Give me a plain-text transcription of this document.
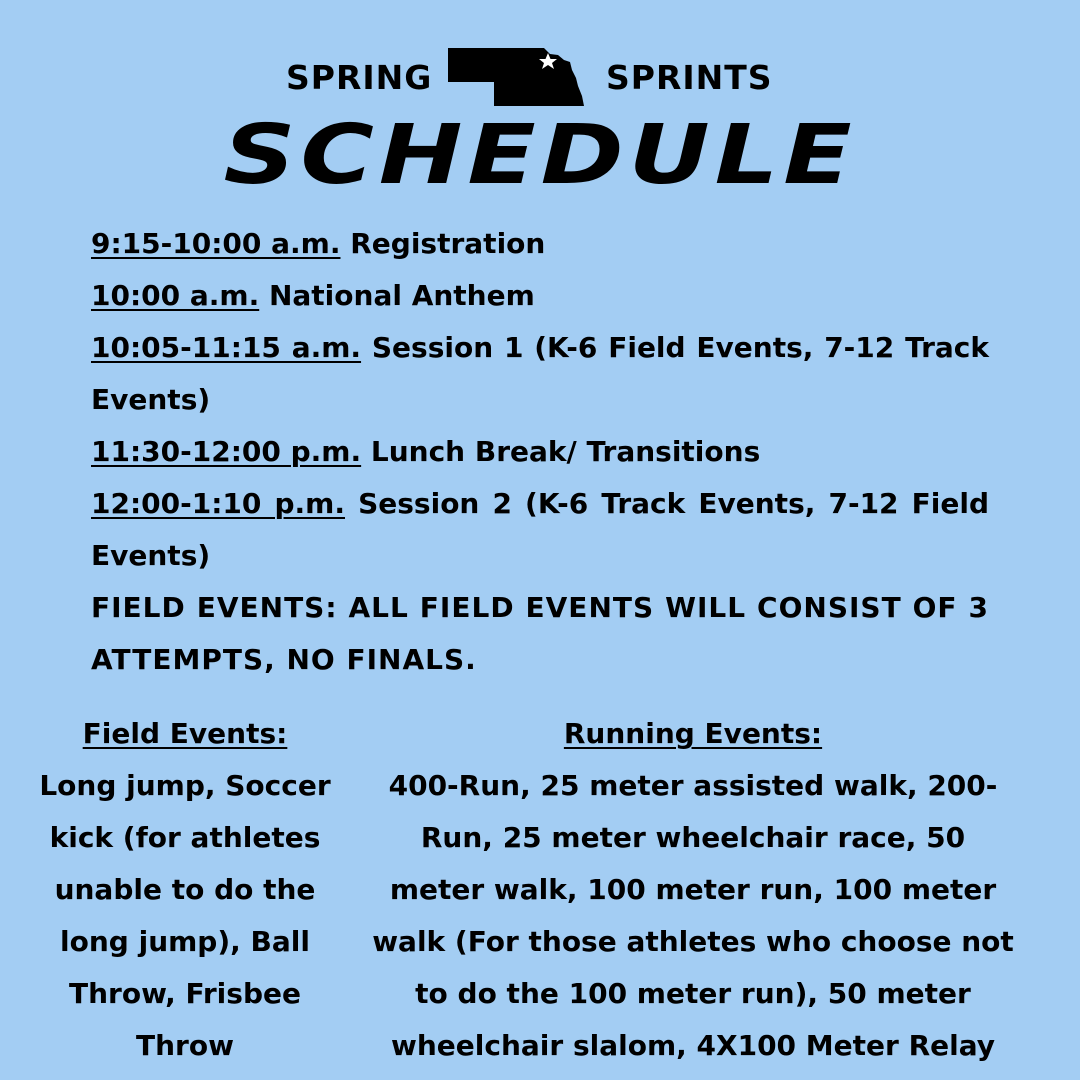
SPRING	SPRINTS
SCHEDULE
9:15-10:00 a.m. Registration
10:00 a.m. National Anthem
10:05-11:15 a.m. Session 1 (K-6 Field Events, 7-12 Track Events)
11:30-12:00 p.m. Lunch Break/ Transitions
12:00-1:10 p.m. Session 2 (K-6 Track Events, 7-12 Field Events)
FIELD EVENTS: ALL FIELD EVENTS WILL CONSIST OF 3 ATTEMPTS, NO FINALS.
Field Events:
Long jump, Soccer
kick (for athletes
unable to do the
long jump), Ball
Throw, Frisbee
Throw
Running Events:
400-Run, 25 meter assisted walk, 200-
Run, 25 meter wheelchair race, 50
meter walk, 100 meter run, 100 meter
walk (For those athletes who choose not
to do the 100 meter run), 50 meter
wheelchair slalom, 4X100 Meter Relay
